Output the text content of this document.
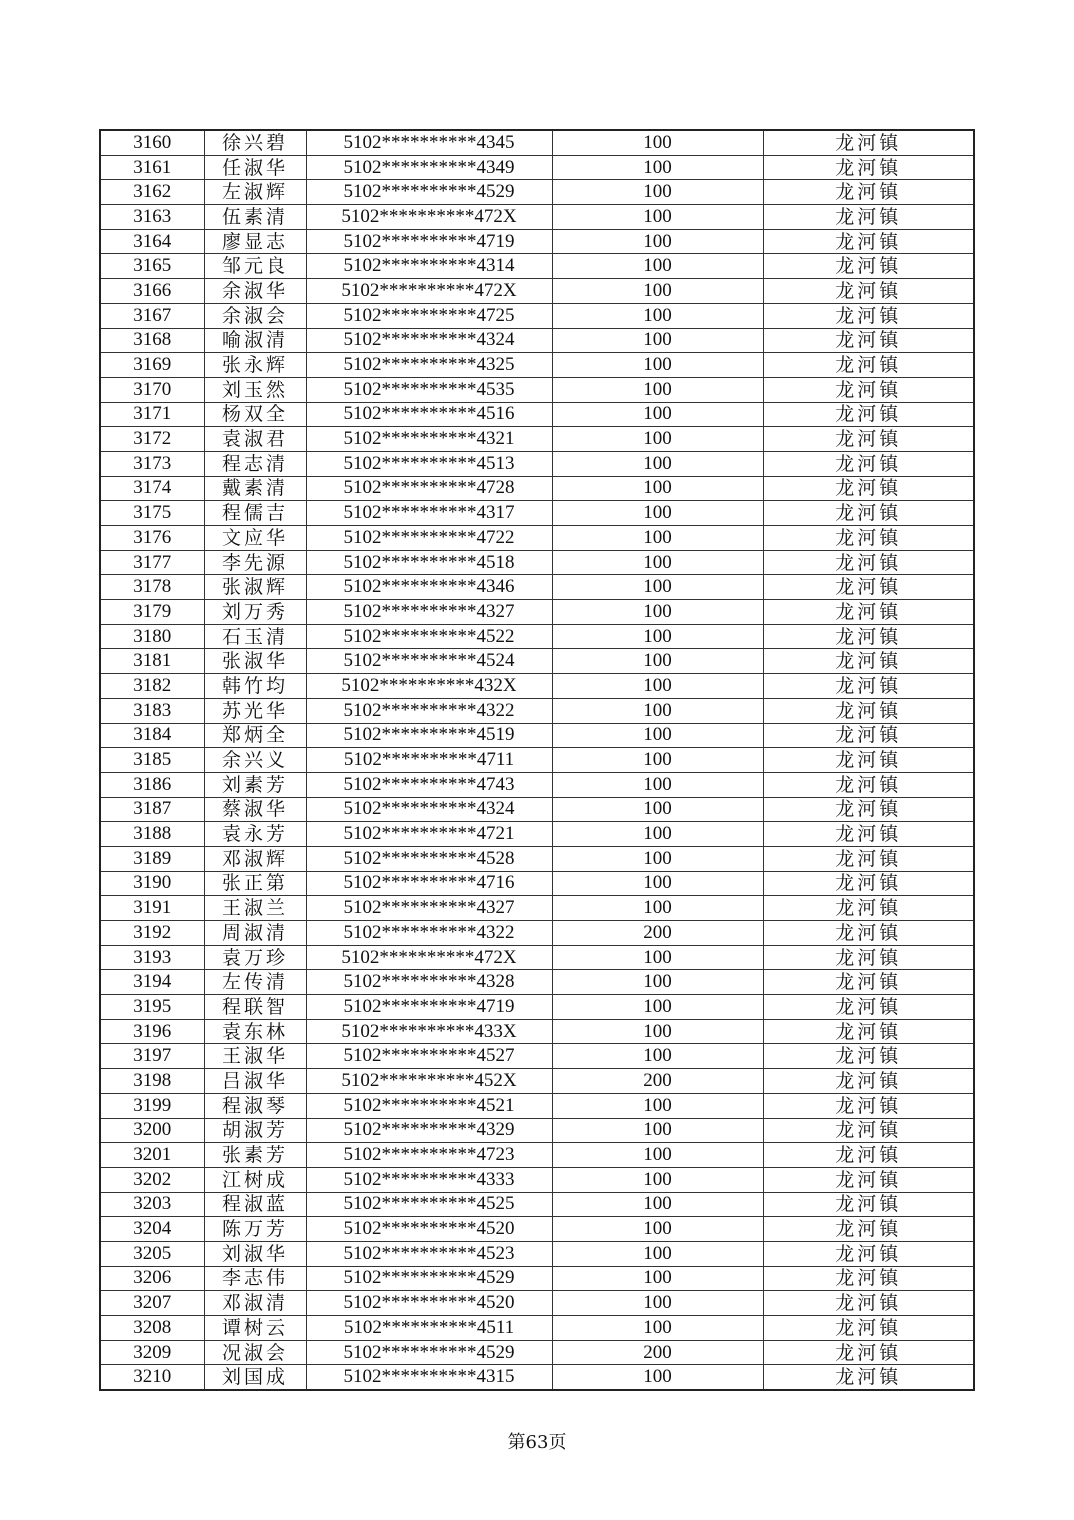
3160	徐兴碧	5102**********4345	100	龙河镇
3161	任淑华	5102**********4349	100	龙河镇
3162	左淑辉	5102**********4529	100	龙河镇
3163	伍素清	5102**********472X	100	龙河镇
3164	廖显志	5102**********4719	100	龙河镇
3165	邹元良	5102**********4314	100	龙河镇
3166	余淑华	5102**********472X	100	龙河镇
3167	余淑会	5102**********4725	100	龙河镇
3168	喻淑清	5102**********4324	100	龙河镇
3169	张永辉	5102**********4325	100	龙河镇
3170	刘玉然	5102**********4535	100	龙河镇
3171	杨双全	5102**********4516	100	龙河镇
3172	袁淑君	5102**********4321	100	龙河镇
3173	程志清	5102**********4513	100	龙河镇
3174	戴素清	5102**********4728	100	龙河镇
3175	程儒吉	5102**********4317	100	龙河镇
3176	文应华	5102**********4722	100	龙河镇
3177	李先源	5102**********4518	100	龙河镇
3178	张淑辉	5102**********4346	100	龙河镇
3179	刘万秀	5102**********4327	100	龙河镇
3180	石玉清	5102**********4522	100	龙河镇
3181	张淑华	5102**********4524	100	龙河镇
3182	韩竹均	5102**********432X	100	龙河镇
3183	苏光华	5102**********4322	100	龙河镇
3184	郑炳全	5102**********4519	100	龙河镇
3185	余兴义	5102**********4711	100	龙河镇
3186	刘素芳	5102**********4743	100	龙河镇
3187	蔡淑华	5102**********4324	100	龙河镇
3188	袁永芳	5102**********4721	100	龙河镇
3189	邓淑辉	5102**********4528	100	龙河镇
3190	张正第	5102**********4716	100	龙河镇
3191	王淑兰	5102**********4327	100	龙河镇
3192	周淑清	5102**********4322	200	龙河镇
3193	袁万珍	5102**********472X	100	龙河镇
3194	左传清	5102**********4328	100	龙河镇
3195	程联智	5102**********4719	100	龙河镇
3196	袁东林	5102**********433X	100	龙河镇
3197	王淑华	5102**********4527	100	龙河镇
3198	吕淑华	5102**********452X	200	龙河镇
3199	程淑琴	5102**********4521	100	龙河镇
3200	胡淑芳	5102**********4329	100	龙河镇
3201	张素芳	5102**********4723	100	龙河镇
3202	江树成	5102**********4333	100	龙河镇
3203	程淑蓝	5102**********4525	100	龙河镇
3204	陈万芳	5102**********4520	100	龙河镇
3205	刘淑华	5102**********4523	100	龙河镇
3206	李志伟	5102**********4529	100	龙河镇
3207	邓淑清	5102**********4520	100	龙河镇
3208	谭树云	5102**********4511	100	龙河镇
3209	况淑会	5102**********4529	200	龙河镇
3210	刘国成	5102**********4315	100	龙河镇
第63页
